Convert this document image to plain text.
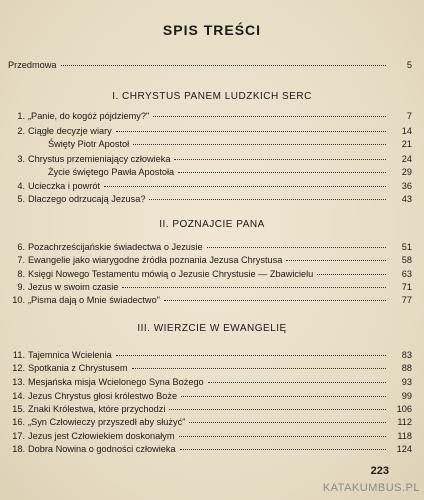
SPIS TREŚCI
Przedmowa	5
I. CHRYSTUS PANEM LUDZKICH SERC
1. „Panie, do kogóż pójdziemy?"	7
2. Ciągłe decyzje wiary	14
Święty Piotr Apostoł	21
3. Chrystus przemieniający człowieka	24
Życie świętego Pawła Apostoła	29
4. Ucieczka i powrót	36
5. Dlaczego odrzucają Jezusa?	43
II. POZNAJCIE PANA
6. Pozachrześcijańskie świadectwa o Jezusie	51
7. Ewangelie jako wiarygodne źródła poznania Jezusa Chrystusa	58
8. Księgi Nowego Testamentu mówią o Jezusie Chrystusie — Zbawicielu	63
9. Jezus w swoim czasie	71
10. „Pisma dają o Mnie świadectwo"	77
III. WIERZCIE W EWANGELIĘ
11. Tajemnica Wcielenia	83
12. Spotkania z Chrystusem	88
13. Mesjańska misja Wcielonego Syna Bożego	93
14. Jezus Chrystus głosi królestwo Boże	99
15. Znaki Królestwa, które przychodzi	106
16. „Syn Człowieczy przyszedł aby służyć"	112
17. Jezus jest Człowiekiem doskonałym	118
18. Dobra Nowina o godności człowieka	124
223
KATAKUMBUS.PL
